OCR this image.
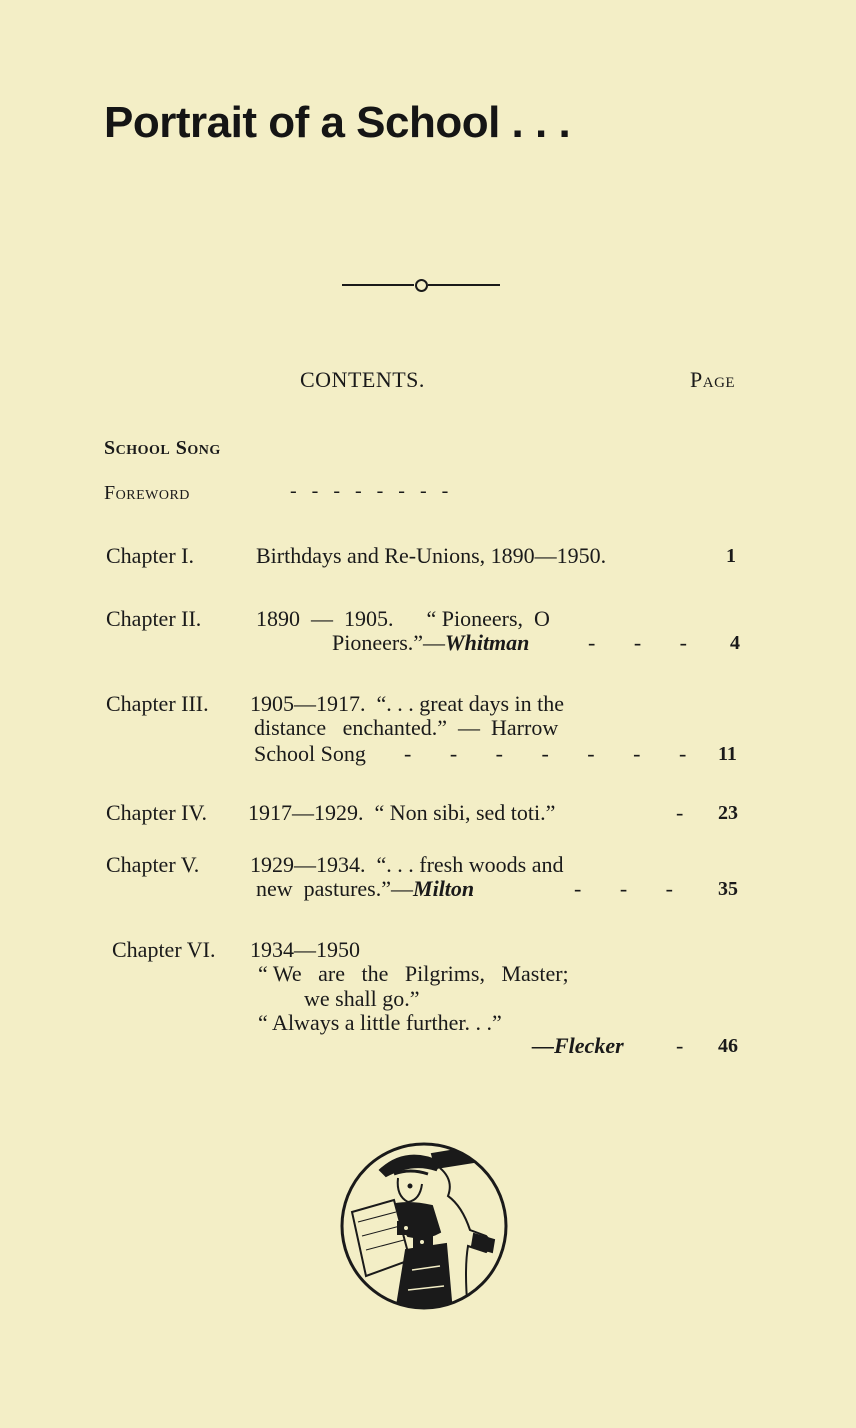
Portrait of a School . . .
CONTENTS.	Page
School Song
Foreword	-   -   -   -   -   -   -   -
Chapter I.	Birthdays and Re-Unions, 1890—1950.	1
Chapter II. 1890  —  1905.      “ Pioneers,  O
Pioneers.”—Whitman	-       -       - 4
Chapter III. 1905—1917.  “. . . great days in the
distance   enchanted.”  —  Harrow
School Song -       -       -       -       -       -       - 11
Chapter IV. 1917—1929.  “ Non sibi, sed toti.”	- 23
Chapter V. 1929—1934.  “. . . fresh woods and
new  pastures.”—Milton	-       -       - 35
Chapter VI. 1934—1950
“ We   are   the   Pilgrims,   Master;
we shall go.”
“ Always a little further. . .”
—Flecker - 46
